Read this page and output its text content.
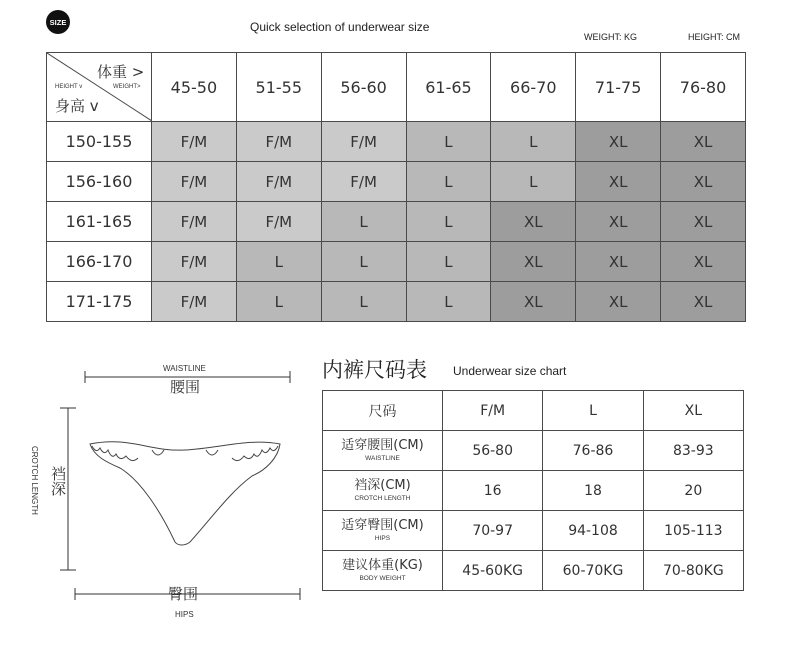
SIZE	Quick selection of underwear size
WEIGHT: KG	HEIGHT: CM
体重 >
WEIGHT>
HEIGHT v
身高 v	45-50	51-55	56-60	61-65	66-70	71-75	76-80
150-155	F/M	F/M	F/M	L	L	XL	XL
156-160	F/M	F/M	F/M	L	L	XL	XL
161-165	F/M	F/M	L	L	XL	XL	XL
166-170	F/M	L	L	L	XL	XL	XL
171-175	F/M	L	L	L	XL	XL	XL
WAISTLINE
腰围
裆深
CROTCH LENGTH
臀围
HIPS
内裤尺码表 Underwear size chart
尺码	F/M	L	XL

适穿腰围(CM)
WAISTLINE	56-80	76-86	83-93

裆深(CM)
CROTCH LENGTH	16	18	20

适穿臀围(CM)
HIPS	70-97	94-108	105-113

建议体重(KG)
BODY WEIGHT	45-60KG	60-70KG	70-80KG
